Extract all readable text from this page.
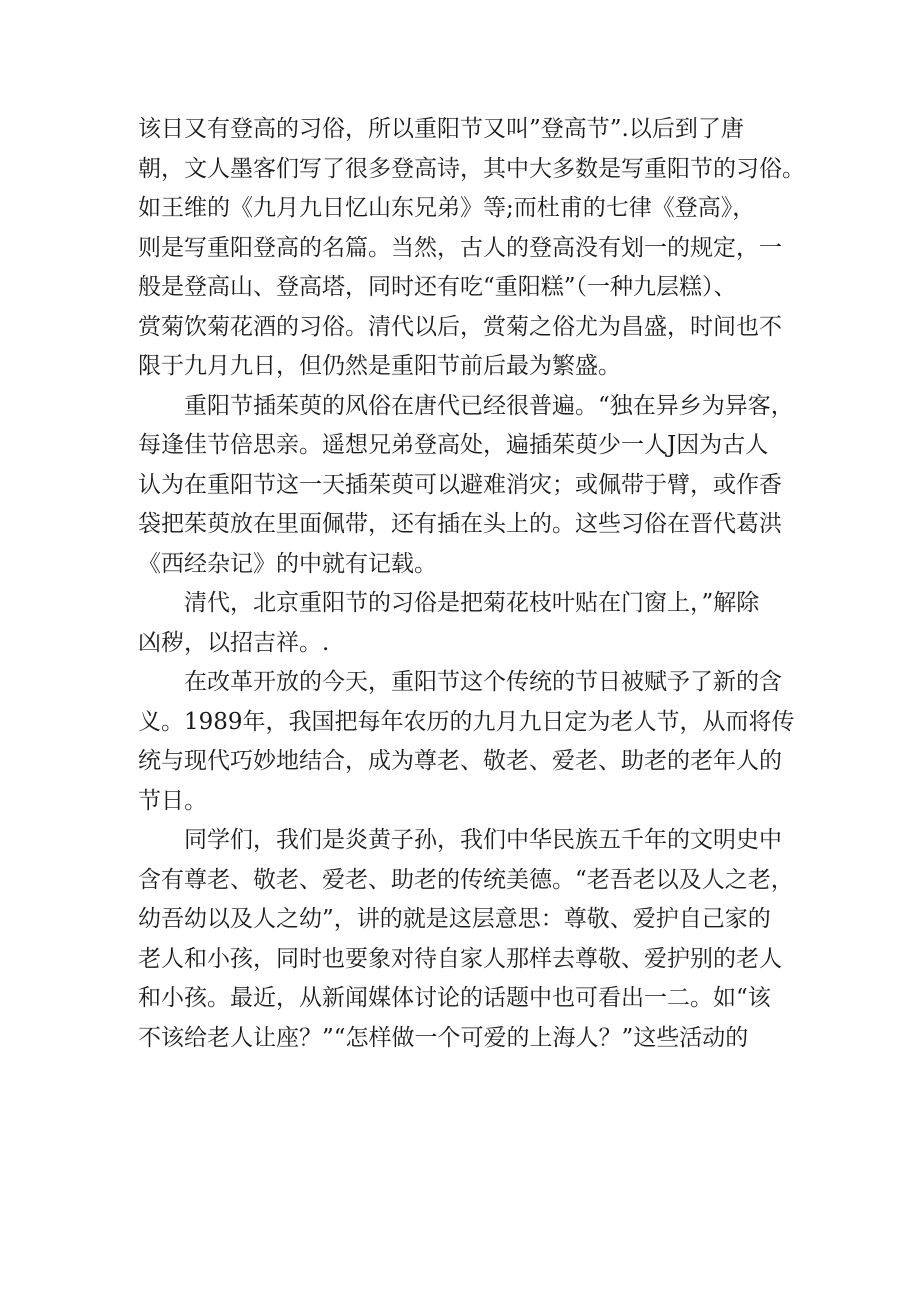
该日又有登高的习俗，所以重阳节又叫”登高节”.以后到了唐
朝，文人墨客们写了很多登高诗，其中大多数是写重阳节的习俗。
如王维的《九月九日忆山东兄弟》等;而杜甫的七律《登高》，
则是写重阳登高的名篇。当然，古人的登高没有划一的规定，一
般是登高山、登高塔，同时还有吃“重阳糕”（一种九层糕）、
赏菊饮菊花酒的习俗。清代以后，赏菊之俗尤为昌盛，时间也不
限于九月九日，但仍然是重阳节前后最为繁盛。
重阳节插茱萸的风俗在唐代已经很普遍。“独在异乡为异客，
每逢佳节倍思亲。遥想兄弟登高处，遍插茱萸少一人J因为古人
认为在重阳节这一天插茱萸可以避难消灾；或佩带于臂，或作香
袋把茱萸放在里面佩带，还有插在头上的。这些习俗在晋代葛洪
《西经杂记》的中就有记载。
清代，北京重阳节的习俗是把菊花枝叶贴在门窗上，”解除
凶秽，以招吉祥。.
在改革开放的今天，重阳节这个传统的节日被赋予了新的含
义。1989年，我国把每年农历的九月九日定为老人节，从而将传
统与现代巧妙地结合，成为尊老、敬老、爱老、助老的老年人的
节日。
同学们，我们是炎黄子孙，我们中华民族五千年的文明史中
含有尊老、敬老、爱老、助老的传统美德。“老吾老以及人之老，
幼吾幼以及人之幼”，讲的就是这层意思：尊敬、爱护自己家的
老人和小孩，同时也要象对待自家人那样去尊敬、爱护别的老人
和小孩。最近，从新闻媒体讨论的话题中也可看出一二。如“该
不该给老人让座？”“怎样做一个可爱的上海人？”这些活动的
